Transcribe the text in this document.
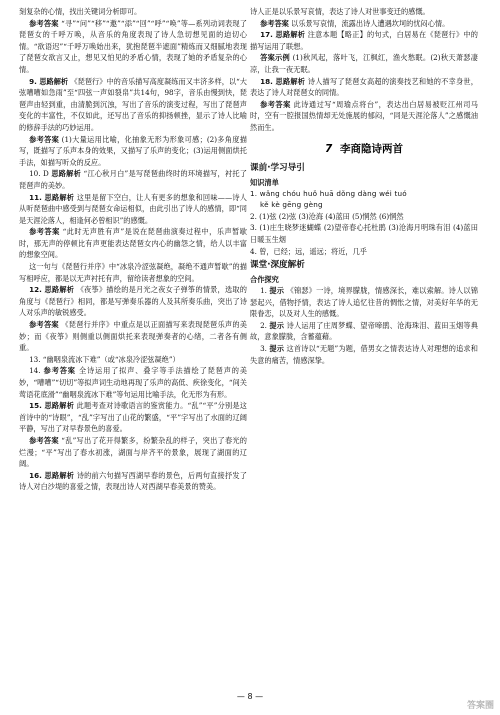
刻复杂的心情，找出关键词分析即可。

参考答案 “寻”“问”“移”“邀”“添”“回”“呼”“唤”等—系列动词表现了琵琶女的千呼万唤，从音乐的角度表现了诗人急切想见面的迫切心情。“欲语迟”“千呼万唤始出来，犹抱琵琶半遮面”精炼而又细腻地表现了琵琶女欲言又止，想见又怕见的矛盾心情，表现了她的矛盾复杂的心情。

9. 思路解析 《琵琶行》中的音乐描写高度凝练而又丰济多样，以“大弦嘈嘈如急雨”至“四弦一声如裂帛”共14句，98字，音乐由慢到快，琵琶声由轻到重，由清脆到沉浊，写出了音乐的演变过程，写出了琵琶声变化的丰富性，不仅如此，还写出了音乐的抑扬顿挫，显示了诗人比喻的修辞手法的巧妙运用。

参考答案 (1)大量运用比喻，化抽象无形为形象可感；(2)多角度描写，既描写了乐声本身的效果，又描写了乐声的变化；(3)运用侧面烘托手法，如描写听众的反应。

10. D 思路解析 “江心秋月白”是写琵琶曲终时的环境描写，衬托了琵琶声的美妙。

11. 思路解析 这里是留下空白，让人有更多的想象和回味——诗人从听琵琶曲中感受到与琵琶女命运相似，由此引出了诗人的感情，即“同是天涯沦落人，相逢何必曾相识”的感慨。

参考答案 “此时无声胜有声”是说在琵琶曲演奏过程中，乐声暂歇时，那无声的停顿比有声更能表达琵琶女内心的幽怨之情，给人以丰富的想象空间。

这一句与《琵琶行并序》中“冰泉冷涩弦凝绝，凝绝不通声暂歇”的描写相呼应，都是以无声衬托有声，留给读者想象的空间。

12. 思路解析 《夜筝》描绘的是月光之夜女子弹筝的情景，选取的角度与《琵琶行》相同，都是写弹奏乐器的人及其所奏乐曲，突出了诗人对乐声的敏锐感受。

参考答案 《琵琶行并序》中重点是以正面描写来表现琵琶乐声的美妙；而《夜筝》则侧重以侧面烘托来表现弹奏者的心绪，二者各有侧重。

13. “幽咽泉流冰下难”（或“冰泉冷涩弦凝绝”）

14. 参考答案 全诗运用了拟声、叠字等手法描绘了琵琶声的美妙，“嘈嘈”“切切”等拟声词生动地再现了乐声的高低、疾徐变化，“间关莺语花底滑”“幽咽泉流冰下难”等句运用比喻手法，化无形为有形。

15. 思路解析 此题考查对诗歌语言的鉴赏能力。“乱”“平”分别是这首诗中的“诗眼”，“乱”字写出了山花的繁盛，“平”字写出了水面的辽阔平静，写出了对早春景色的喜爱。

参考答案 “乱”写出了花开得繁多，纷繁杂乱的样子，突出了春光的烂漫；“平”写出了春水初涨，湖面与岸齐平的景象，展现了湖面的辽阔。

16. 思路解析 诗的前六句描写西湖早春的景色，后两句直接抒发了诗人对白沙堤的喜爱之情，表现出诗人对西湖早春美景的赞美。

诗人正是以乐景写哀情，表达了诗人对世事变迁的感慨。

参考答案 以乐景写哀情，流露出诗人遭遇坎坷的忧闷心情。

17. 思路解析 注意本题【略正】的句式，白居易在《琵琶行》中的描写运用了联想。

答案示例 (1)秋风起，落叶飞，江枫红，渔火愁眠。(2)秋天萧瑟凄凉，让我一夜无眠。

18. 思路解析 诗人描写了琵琶女高超的演奏技艺和她的不幸身世，表达了诗人对琵琶女的同情。

参考答案 此诗通过写“周瑜点将台”，表达出白居易被贬江州司马时，空有一腔报国热情却无处施展的郁闷，“同是天涯沦落人”之感慨油然而生。

7 李商隐诗两首
课前·学习导引
知识清单

1. wǎng chóu huǒ huā dǒng dàng wéi tuó

kě kè gēng gèng

2. (1)弦 (2)弦 (3)沧海 (4)蓝田 (5)惘然 (6)惘然

3. (1)庄生晓梦迷蝴蝶 (2)望帝春心托杜鹃 (3)沧海月明珠有泪 (4)蓝田日暖玉生烟

4. 曾，已经；远，遥远；将近，几乎

课堂·深度解析
合作探究

1. 提示 《锦瑟》一诗，境界朦胧，情感深长，难以索解。诗人以锦瑟起兴，借物抒情，表达了诗人追忆往昔的惆怅之情，对美好年华的无限眷恋，以及对人生的感慨。

2. 提示 诗人运用了庄周梦蝶、望帝啼鹃、沧海珠泪、蓝田玉烟等典故，意象朦胧，含蓄蕴藉。

3. 提示 这首诗以“无题”为题，借男女之情表达诗人对理想的追求和失意的痛苦，情感深挚。

— 8 —
答案圈
